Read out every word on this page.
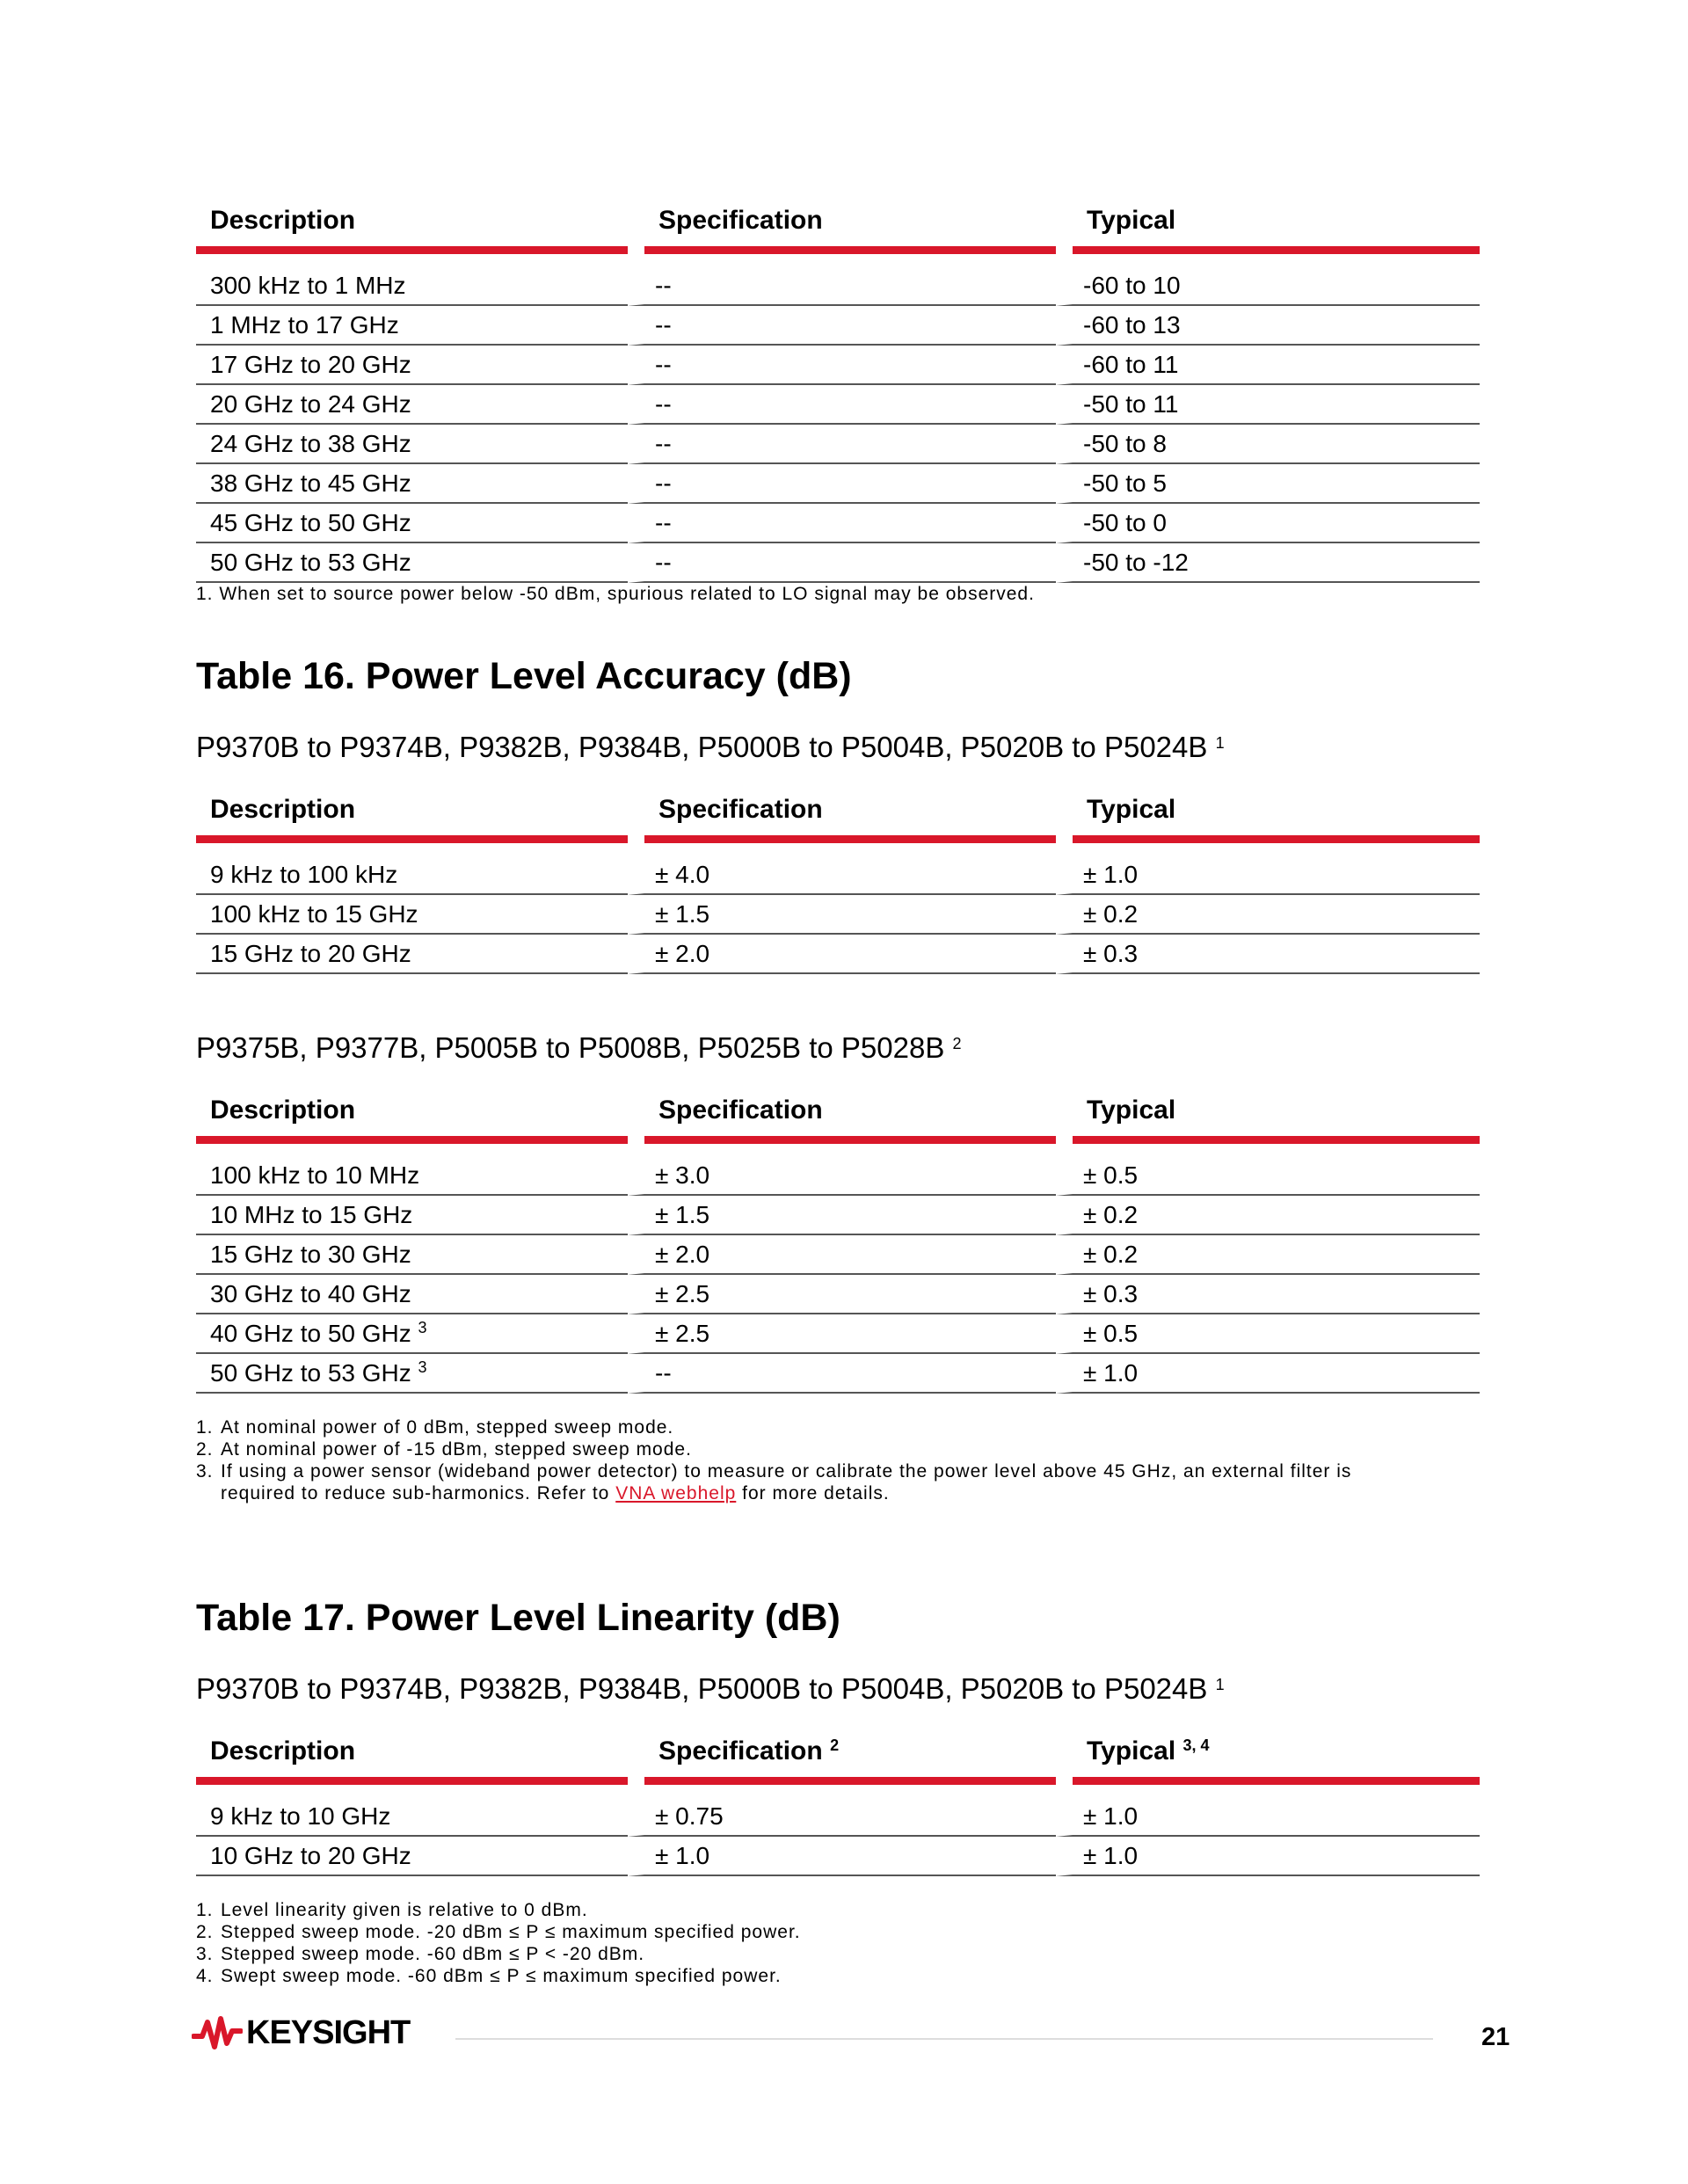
Description	Specification	Typical

300 kHz to 1 MHz	--	-60 to 10
1 MHz to 17 GHz	--	-60 to 13
17 GHz to 20 GHz	--	-60 to 11
20 GHz to 24 GHz	--	-50 to 11
24 GHz to 38 GHz	--	-50 to 8
38 GHz to 45 GHz	--	-50 to 5
45 GHz to 50 GHz	--	-50 to 0
50 GHz to 53 GHz	--	-50 to -12
1. When set to source power below -50 dBm, spurious related to LO signal may be observed.
Table 16. Power Level Accuracy (dB)
P9370B to P9374B, P9382B, P9384B, P5000B to P5004B, P5020B to P5024B $^1$
Description	Specification	Typical

9 kHz to 100 kHz	± 4.0	± 1.0
100 kHz to 15 GHz	± 1.5	± 0.2
15 GHz to 20 GHz	± 2.0	± 0.3
P9375B, P9377B, P5005B to P5008B, P5025B to P5028B $^2$
Description	Specification	Typical

100 kHz to 10 MHz	± 3.0	± 0.5
10 MHz to 15 GHz	± 1.5	± 0.2
15 GHz to 30 GHz	± 2.0	± 0.2
30 GHz to 40 GHz	± 2.5	± 0.3
40 GHz to 50 GHz $^3$	± 2.5	± 0.5
50 GHz to 53 GHz $^3$	--	± 1.0
1. At nominal power of 0 dBm, stepped sweep mode.
2. At nominal power of -15 dBm, stepped sweep mode.
3. If using a power sensor (wideband power detector) to measure or calibrate the power level above 45 GHz, an external filter is
required to reduce sub-harmonics. Refer to VNA webhelp for more details.
Table 17. Power Level Linearity (dB)
P9370B to P9374B, P9382B, P9384B, P5000B to P5004B, P5020B to P5024B $^1$
Description	Specification $^2$	Typical $^{3, 4}$

9 kHz to 10 GHz	± 0.75	± 1.0
10 GHz to 20 GHz	± 1.0	± 1.0
1. Level linearity given is relative to 0 dBm.
2. Stepped sweep mode. -20 dBm ≤ P ≤ maximum specified power.
3. Stepped sweep mode. -60 dBm ≤ P < -20 dBm.
4. Swept sweep mode. -60 dBm ≤ P ≤ maximum specified power.
KEYSIGHT	21
